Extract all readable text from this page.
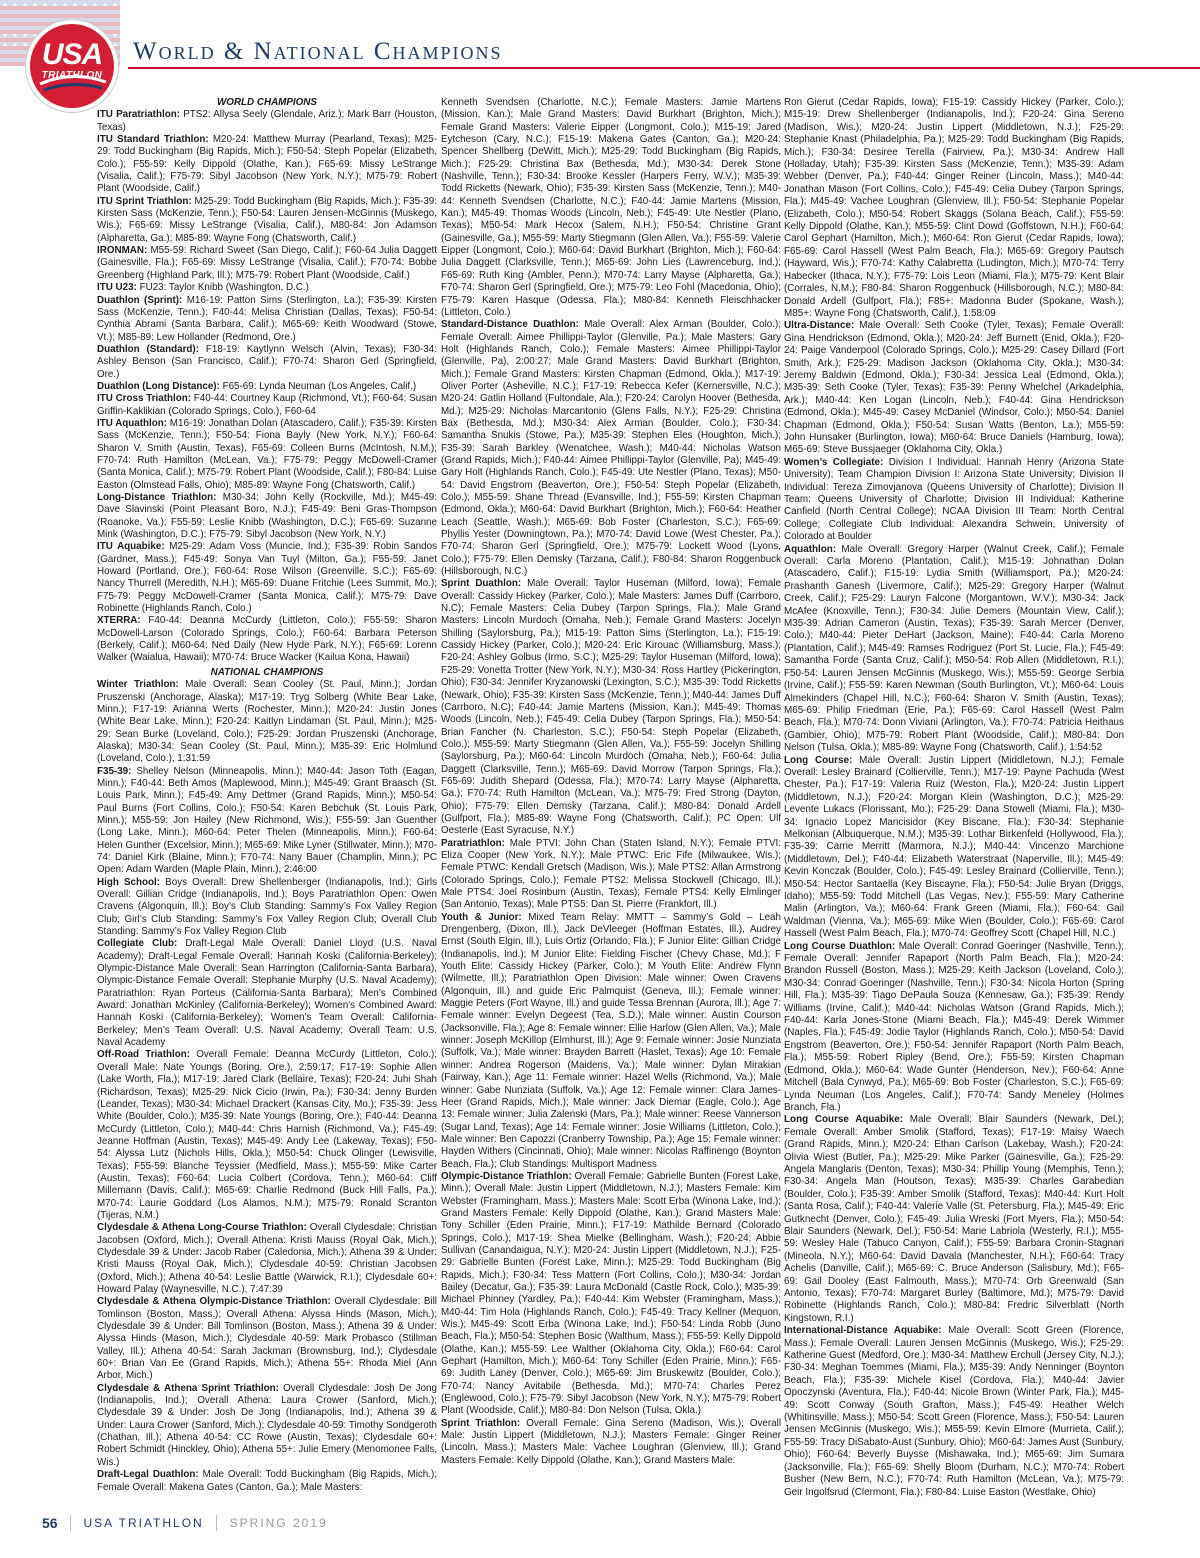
USA
TRIATHLON
World & National Champions

WORLD CHAMPIONS

ITU Paratriathlon: PTS2: Allysa Seely (Glendale, Ariz.); Mark Barr (Houston, Texas)

ITU Standard Triathlon: M20-24: Matthew Murray (Pearland, Texas); M25-29: Todd Buckingham (Big Rapids, Mich.); F50-54: Steph Popelar (Elizabeth, Colo.); F55-59: Kelly Dippold (Olathe, Kan.); F65-69: Missy LeStrange (Visalia, Calif.); F75-79: Sibyl Jacobson (New York, N.Y.); M75-79: Robert Plant (Woodside, Calif.)

ITU Sprint Triathlon: M25-29: Todd Buckingham (Big Rapids, Mich.); F35-39: Kirsten Sass (McKenzie, Tenn.); F50-54: Lauren Jensen-McGinnis (Muskego, Wis.); F65-69: Missy LeStrange (Visalia, Calif.), M80-84: Jon Adamson (Alpharetta, Ga.); M85-89: Wayne Fong (Chatsworth, Calif.)

IRONMAN: M55-59: Richard Sweet (San Diego, Calif.); F60-64 Julia Daggett (Gainesville, Fla.); F65-69: Missy LeStrange (Visalia, Calif.); F70-74: Bobbe Greenberg (Highland Park, Ill.); M75-79: Robert Plant (Woodside, Calif.)

ITU U23: FU23: Taylor Knibb (Washington, D.C.)

Duathlon (Sprint): M16-19: Patton Sims (Sterlington, La.); F35-39: Kirsten Sass (McKenzie, Tenn.); F40-44: Melisa Christian (Dallas, Texas); F50-54: Cynthia Abrami (Santa Barbara, Calif.); M65-69: Keith Woodward (Stowe, Vt.); M85-89: Lew Hollander (Redmond, Ore.)

Duathlon (Standard): F18-19: Kaytlynn Welsch (Alvin, Texas); F30-34: Ashley Benson (San Francisco, Calif.); F70-74: Sharon Gerl (Springfield, Ore.)

Duathlon (Long Distance): F65-69: Lynda Neuman (Los Angeles, Calif.)

ITU Cross Triathlon: F40-44: Courtney Kaup (Richmond, Vt.); F60-64: Susan Griffin-Kaklikian (Colorado Springs, Colo.), F60-64

ITU Aquathlon: M16-19: Jonathan Dolan (Atascadero, Calif.); F35-39: Kirsten Sass (McKenzie, Tenn.); F50-54: Fiona Bayly (New York, N.Y.); F60-64: Sharon V. Smith (Austin, Texas), F65-69: Colleen Burns (McIntosh, N.M.); F70-74: Ruth Hamilton (McLean, Va.); F75-79: Peggy McDowell-Cramer (Santa Monica, Calif.); M75-79: Robert Plant (Woodside, Calif.); F80-84: Luise Easton (Olmstead Falls, Ohio); M85-89: Wayne Fong (Chatsworth, Calif.)

Long-Distance Triathlon: M30-34: John Kelly (Rockville, Md.); M45-49: Dave Slavinski (Point Pleasant Boro, N.J.); F45-49: Beni Gras-Thompson (Roanoke, Va.); F55-59: Leslie Knibb (Washington, D.C.); F65-69: Suzanne Mink (Washington, D.C.); F75-79: Sibyl Jacobson (New York, N.Y.)

ITU Aquabike: M25-29: Adam Voss (Muncie, Ind.); F35-39: Robin Sandos (Gardner, Mass.); F45-49: Sonya Van Tuyl (Milton, Ga.); F55-59: Janet Howard (Portland, Ore.); F60-64: Rose Wilson (Greenville, S.C.); F65-69: Nancy Thurrell (Meredith, N.H.); M65-69: Duane Fritchie (Lees Summit, Mo.); F75-79: Peggy McDowell-Cramer (Santa Monica, Calif.); M75-79: Dave Robinette (Highlands Ranch, Colo.)

XTERRA: F40-44: Deanna McCurdy (Littleton, Colo.); F55-59: Sharon McDowell-Larson (Colorado Springs, Colo.); F60-64: Barbara Peterson (Berkely, Calif.); M60-64: Ned Daily (New Hyde Park, N.Y.); F65-69: Lorenn Walker (Waialua, Hawaii); M70-74: Bruce Wacker (Kailua Kona, Hawaii)

NATIONAL CHAMPIONS

Winter Triathlon: Male Overall: Sean Cooley (St. Paul, Minn.); Jordan Pruszenski (Anchorage, Alaska); M17-19: Tryg Solberg (White Bear Lake, Minn.); F17-19: Arianna Werts (Rochester, Minn.); M20-24: Justin Jones (White Bear Lake, Minn.); F20-24: Kaitlyn Lindaman (St. Paul, Minn.); M25-29: Sean Burke (Loveland, Colo.); F25-29: Jordan Pruszenski (Anchorage, Alaska); M30-34: Sean Cooley (St. Paul, Minn.); M35-39: Eric Holmlund (Loveland, Colo.), 1:31:59

F35-39: Shelley Nelson (Minneapolis, Minn.); M40-44: Jason Toth (Eagan, Minn.); F40-44: Beth Amos (Maplewood, Minn.); M45-49: Grant Braasch (St. Louis Park, Minn.); F45-49: Amy Dettmer (Grand Rapids, Minn.); M50-54: Paul Burns (Fort Collins, Colo.); F50-54: Karen Bebchuk (St. Louis Park, Minn.); M55-59: Jon Hailey (New Richmond, Wis.); F55-59: Jan Guenther (Long Lake, Minn.); M60-64: Peter Thelen (Minneapolis, Minn.); F60-64: Helen Gunther (Excelsior, Minn.); M65-69: Mike Lyner (Stillwater, Minn.); M70-74: Daniel Kirk (Blaine, Minn.); F70-74: Nany Bauer (Champlin, Minn.); PC Open: Adam Warden (Maple Plain, Minn.), 2:46:00

High School: Boys Overall: Drew Shellenberger (Indianapolis, Ind.); Girls Overall: Gillian Cridge (Indianapolis, Ind.); Boys Paratriathlon Open: Owen Cravens (Algonquin, Ill.); Boy’s Club Standing: Sammy’s Fox Valley Region Club; Girl’s Club Standing: Sammy’s Fox Valley Region Club; Overall Club Standing: Sammy’s Fox Valley Region Club

Collegiate Club: Draft-Legal Male Overall: Daniel Lloyd (U.S. Naval Academy); Draft-Legal Female Overall: Hannah Koski (California-Berkeley); Olympic-Distance Male Overall: Sean Harrington (California-Santa Barbara), Olympic-Distance Female Overall: Stephanie Murphy (U.S. Naval Academy); Paratriathlon: Ryan Porteus (California-Santa Barbara); Men’s Combined Award: Jonathan McKinley (California-Berkeley); Women’s Combined Award: Hannah Koski (California-Berkeley); Women’s Team Overall: California-Berkeley; Men’s Team Overall: U.S. Naval Academy; Overall Team: U.S. Naval Academy

Off-Road Triathlon: Overall Female: Deanna McCurdy (Littleton, Colo.); Overall Male: Nate Youngs (Boring, Ore.), 2:59:17; F17-19: Sophie Allen (Lake Worth, Fla.); M17-19: Jared Clark (Bellaire, Texas); F20-24: Juhi Shah (Richardson, Texas); M25-29: Nick Cicio (Irwin, Pa.); F30-34: Jenny Burden (Leander, Texas); M30-34: Michael Drackert (Kansas City, Mo.); F35-39: Jess White (Boulder, Colo.); M35-39: Nate Youngs (Boring, Ore.); F40-44: Deanna McCurdy (Littleton, Colo.); M40-44: Chris Harnish (Richmond, Va.); F45-49: Jeanne Hoffman (Austin, Texas); M45-49: Andy Lee (Lakeway, Texas); F50-54: Alyssa Lutz (Nichols Hills, Okla.); M50-54: Chuck Olinger (Lewisville, Texas); F55-59: Blanche Teyssier (Medfield, Mass.); M55-59: Mike Carter (Austin, Texas); F60-64: Lucia Colbert (Cordova, Tenn.); M60-64: Cliff Millemann (Davis, Calif.); M65-69: Charlie Redmond (Buck Hill Falls, Pa.); M70-74: Laurie Goddard (Los Alamos, N.M.); M75-79: Ronald Scranton (Tijeras, N.M.)

Clydesdale & Athena Long-Course Triathlon: Overall Clydesdale: Christian Jacobsen (Oxford, Mich.); Overall Athena: Kristi Mauss (Royal Oak, Mich.); Clydesdale 39 & Under: Jacob Raber (Caledonia, Mich.); Athena 39 & Under: Kristi Mauss (Royal Oak, Mich.); Clydesdale 40-59: Christian Jacobsen (Oxford, Mich.); Athena 40-54: Leslie Battle (Warwick, R.I.); Clydesdale 60+: Howard Palay (Waynesville, N.C.), 7:47:39

Clydesdale & Athena Olympic-Distance Triathlon: Overall Clydesdale: Bill Tomlinson (Boston, Mass.); Overall Athena: Alyssa Hinds (Mason, Mich.); Clydesdale 39 & Under: Bill Tomlinson (Boston, Mass.); Athena 39 & Under: Alyssa Hinds (Mason, Mich.); Clydesdale 40-59: Mark Probasco (Stillman Valley, Ill.); Athena 40-54: Sarah Jackman (Brownsburg, Ind.); Clydesdale 60+: Brian Van Ee (Grand Rapids, Mich.); Athena 55+: Rhoda Miel (Ann Arbor, Mich.)

Clydesdale & Athena Sprint Triathlon: Overall Clydesdale: Josh De Jong (Indianapolis, Ind.); Overall Athena: Laura Crower (Sanford, Mich.); Clydesdale 39 & Under: Josh De Jong (Indianapolis, Ind.); Athena 39 & Under: Laura Crower (Sanford, Mich.); Clydesdale 40-59: Timothy Sondgeroth (Chathan, Ill.); Athena 40-54: CC Rowe (Austin, Texas); Clydesdale 60+: Robert Schmidt (Hinckley, Ohio); Athena 55+: Julie Emery (Menomonee Falls, Wis.)

Draft-Legal Duathlon: Male Overall: Todd Buckingham (Big Rapids, Mich.); Female Overall: Makena Gates (Canton, Ga.); Male Masters:

Kenneth Svendsen (Charlotte, N.C.); Female Masters: Jamie Martens (Mission, Kan.); Male Grand Masters: David Burkhart (Brighton, Mich.); Female Grand Masters: Valerie Eipper (Longmont, Colo.); M15-19: Jared Eytcheson (Cary, N.C.); F15-19: Makena Gates (Canton, Ga.); M20-24: Spencer Shellberg (DeWitt, Mich.); M25-29: Todd Buckingham (Big Rapids, Mich.); F25-29: Christina Bax (Bethesda, Md.); M30-34: Derek Stone (Nashville, Tenn.); F30-34: Brooke Kessler (Harpers Ferry, W.V.); M35-39: Todd Ricketts (Newark, Ohio); F35-39: Kirsten Sass (McKenzie, Tenn.); M40-44: Kenneth Svendsen (Charlotte, N.C.); F40-44: Jamie Martens (Mission, Kan.); M45-49: Thomas Woods (Lincoln, Neb.); F45-49: Ute Nestler (Plano, Texas); M50-54: Mark Hecox (Salem, N.H.); F50-54: Christine Grant (Gainesville, Ga.); M55-59: Marty Stiegmann (Glen Allen, Va.); F55-59: Valerie Eipper (Longmont, Colo.); M60-64: David Burkhart (Brighton, Mich.); F60-64: Julia Daggett (Clarksville, Tenn.); M65-69: John Lies (Lawrenceburg, Ind.); F65-69: Ruth King (Ambler, Penn.); M70-74: Larry Mayse (Alpharetta, Ga.); F70-74: Sharon Gerl (Springfield, Ore.); M75-79: Leo Fohl (Macedonia, Ohio); F75-79: Karen Hasque (Odessa, Fla.); M80-84: Kenneth Fleischhacker (Littleton, Colo.)

Standard-Distance Duathlon: Male Overall: Alex Arman (Boulder, Colo.); Female Overall: Aimee Phillippi-Taylor (Glenville, Pa.); Male Masters: Gary Holt (Highlands Ranch, Colo.); Female Masters: Aimee Phillippi-Taylor (Glenville, Pa), 2:00:27; Male Grand Masters: David Burkhart (Brighton, Mich.); Female Grand Masters: Kirsten Chapman (Edmond, Okla.); M17-19: Oliver Porter (Asheville, N.C.); F17-19: Rebecca Kefer (Kernersville, N.C.); M20-24: Gatlin Holland (Fultondale, Ala.); F20-24: Carolyn Hoover (Bethesda, Md.); M25-29: Nicholas Marcantonio (Glens Falls, N.Y.); F25-29: Christina Bax (Bethesda, Md.); M30-34: Alex Arman (Boulder, Colo.); F30-34: Samantha Snukis (Stowe, Pa.); M35-39: Stephen Eles (Houghton, Mich.); F35-39: Sarah Barkley (Wenatchee, Wash.); M40-44: Nicholas Watson (Grand Rapids, Mich.); F40-44: Aimee Phillippi-Taylor (Glenville, Pa); M45-49: Gary Holt (Highlands Ranch, Colo.); F45-49: Ute Nestler (Plano, Texas); M50-54: David Engstrom (Beaverton, Ore.); F50-54: Steph Popelar (Elizabeth, Colo.); M55-59: Shane Thread (Evansville, Ind.); F55-59: Kirsten Chapman (Edmond, Okla.); M60-64: David Burkhart (Brighton, Mich.); F60-64: Heather Leach (Seattle, Wash.); M65-69: Bob Foster (Charleston, S.C.); F65-69: Phyllis Yester (Downingtown, Pa.); M70-74: David Lowe (West Chester, Pa.); F70-74: Sharon Gerl (Springfield, Ore.); M75-79: Lockett Wood (Lyons, Colo.); F75-79: Ellen Demsky (Tarzana, Calif.); F80-84: Sharon Roggenbuck (Hillsborough, N.C.)

Sprint Duathlon: Male Overall: Taylor Huseman (Milford, Iowa); Female Overall: Cassidy Hickey (Parker, Colo.); Male Masters: James Duff (Carrboro, N.C); Female Masters: Celia Dubey (Tarpon Springs, Fla.); Male Grand Masters: Lincoln Murdoch (Omaha, Neb.); Female Grand Masters: Jocelyn Shilling (Saylorsburg, Pa.); M15-19: Patton Sims (Sterlington, La.); F15-19: Cassidy Hickey (Parker, Colo.); M20-24: Eric Kirouac (Williamsburg, Mass.); F20-24: Ashley Golbus (Irmo, S.C.); M25-29: Taylor Huseman (Milford, Iowa); F25-29: Vonetta Trotter (New York, N.Y.); M30-34: Ross Hartley (Pickerington, Ohio); F30-34: Jennifer Kryzanowski (Lexington, S.C.); M35-39: Todd Ricketts (Newark, Ohio); F35-39: Kirsten Sass (McKenzie, Tenn.); M40-44: James Duff (Carrboro, N.C); F40-44: Jamie Martens (Mission, Kan.); M45-49: Thomas Woods (Lincoln, Neb.); F45-49: Celia Dubey (Tarpon Springs, Fla.); M50-54: Brian Fancher (N. Charleston, S.C.); F50-54: Steph Popelar (Elizabeth, Colo.); M55-59: Marty Stiegmann (Glen Allen, Va.); F55-59: Jocelyn Shilling (Saylorsburg, Pa.); M60-64: Lincoln Murdoch (Omaha, Neb.); F60-64: Julia Daggett (Clarksville, Tenn.); M65-69: David Morrow (Tarpon Springs, Fla.); F65-69: Judith Shepard (Odessa, Fla.); M70-74: Larry Mayse (Alpharetta, Ga.); F70-74: Ruth Hamilton (McLean, Va.); M75-79: Fred Strong (Dayton, Ohio); F75-79: Ellen Demsky (Tarzana, Calif.); M80-84: Donald Ardell (Gulfport, Fla.); M85-89: Wayne Fong (Chatsworth, Calif.); PC Open: Ulf Oesterle (East Syracuse, N.Y.)

Paratriathlon: Male PTVI: John Chan (Staten Island, N.Y.); Female PTVI: Eliza Cooper (New York, N.Y.); Male PTWC: Eric Fife (Milwaukee, Wis.); Female PTWC: Kendall Gretsch (Madison, Wis.); Male PTS2: Allan Armstrong (Colorado Springs, Colo.); Female PTS2: Melissa Stockwell (Chicago, Ill.); Male PTS4: Joel Rosinbum (Austin, Texas); Female PTS4: Kelly Elmlinger (San Antonio, Texas); Male PTS5: Dan St. Pierre (Frankfort, Ill.)

Youth & Junior: Mixed Team Relay: MMTT – Sammy’s Gold – Leah Drengenberg, (Dixon, Ill.), Jack DeVleeger (Hoffman Estates, Ill.), Audrey Ernst (South Elgin, Ill.), Luis Ortiz (Orlando, Fla.); F Junior Elite: Gillian Cridge (Indianapolis, Ind.); M Junior Elite: Fielding Fischer (Chevy Chase, Md.); F Youth Elite: Cassidy Hickey (Parker, Colo.); M Youth Elite: Andrew Flynn (Wilmette, Ill.); Paratriathlon Open Division: Male winner: Owen Cravens (Algonquin, Ill.) and guide Eric Palmquist (Geneva, Ill.); Female winner: Maggie Peters (Fort Wayne, Ill.) and guide Tessa Brennan (Aurora, Ill.); Age 7: Female winner: Evelyn Degeest (Tea, S.D.); Male winner: Austin Courson (Jacksonville, Fla.); Age 8: Female winner: Ellie Harlow (Glen Allen, Va.); Male winner: Joseph McKillop (Elmhurst, Ill.); Age 9: Female winner: Josie Nunziata (Suffolk, Va.); Male winner: Brayden Barrett (Haslet, Texas); Age 10: Female winner: Andrea Rogerson (Maidens, Va.); Male winner: Dylan Mirakian (Fairway, Kan.); Age 11: Female winner: Hazel Wells (Richmond, Va.); Male winner: Gabe Nunziata (Suffolk, Va.); Age 12: Female winner: Clara James-Heer (Grand Rapids, Mich.); Male winner: Jack Diemar (Eagle, Colo.); Age 13: Female winner: Julia Zalenski (Mars, Pa.); Male winner: Reese Vannerson (Sugar Land, Texas); Age 14: Female winner: Josie Williams (Littleton, Colo.); Male winner: Ben Capozzi (Cranberry Township, Pa.); Age 15: Female winner: Hayden Withers (Cincinnati, Ohio); Male winner: Nicolas Raffinengo (Boynton Beach, Fla.); Club Standings: Multisport Madness

Olympic-Distance Triathlon: Overall Female: Gabrielle Bunten (Forest Lake, Minn.); Overall Male: Justin Lippert (Middletown, N.J.); Masters Female: Kim Webster (Framingham, Mass.); Masters Male: Scott Erba (Winona Lake, Ind.); Grand Masters Female: Kelly Dippold (Olathe, Kan.); Grand Masters Male: Tony Schiller (Eden Prairie, Minn.); F17-19: Mathilde Bernard (Colorado Springs, Colo.); M17-19: Shea Mielke (Bellingham, Wash.); F20-24: Abbie Sullivan (Canandaigua, N.Y.); M20-24: Justin Lippert (Middletown, N.J.); F25-29: Gabrielle Bunten (Forest Lake, Minn.); M25-29: Todd Buckingham (Big Rapids, Mich.); F30-34: Tess Mattern (Fort Collins, Colo.); M30-34: Jordan Bailey (Decatur, Ga.); F35-39: Laura McDonald (Castle Rock, Colo.); M35-39: Michael Phinney (Yardley, Pa.); F40-44: Kim Webster (Framingham, Mass.); M40-44: Tim Hola (Highlands Ranch, Colo.); F45-49: Tracy Kellner (Mequon, Wis.); M45-49: Scott Erba (Winona Lake, Ind.); F50-54: Linda Robb (Juno Beach, Fla.); M50-54: Stephen Bosic (Walthum, Mass.); F55-59: Kelly Dippold (Olathe, Kan.); M55-59: Lee Walther (Oklahoma City, Okla.); F60-64: Carol Gephart (Hamilton, Mich.); M60-64: Tony Schiller (Eden Prairie, Minn.); F65-69: Judith Laney (Denver, Colo.); M65-69: Jim Bruskewitz (Boulder, Colo.); F70-74: Nancy Avitabile (Bethesda, Md.); M70-74: Charles Perez (Englewood, Colo.); F75-79: Sibyl Jacobson (New York, N.Y.); M75-79: Robert Plant (Woodside, Calif.); M80-84: Don Nelson (Tulsa, Okla.)

Sprint Triathlon: Overall Female: Gina Sereno (Madison, Wis.); Overall Male: Justin Lippert (Middletown, N.J.); Masters Female: Ginger Reiner (Lincoln, Mass.); Masters Male: Vachee Loughran (Glenview, Ill.); Grand Masters Female: Kelly Dippold (Olathe, Kan.); Grand Masters Male:

Ron Gierut (Cedar Rapids, Iowa); F15-19: Cassidy Hickey (Parker, Colo.); M15-19: Drew Shellenberger (Indianapolis, Ind.); F20-24: Gina Sereno (Madison, Wis.); M20-24: Justin Lippert (Middletown, N.J.); F25-29: Stephanie Knast (Philadelphia, Pa.); M25-29: Todd Buckingham (Big Rapids, Mich.); F30-34: Desiree Terella (Fairview, Pa.); M30-34: Andrew Hall (Holladay, Utah); F35-39: Kirsten Sass (McKenzie, Tenn.); M35-39: Adam Webber (Denver, Pa.); F40-44: Ginger Reiner (Lincoln, Mass.); M40-44: Jonathan Mason (Fort Collins, Colo.); F45-49: Celia Dubey (Tarpon Springs, Fla.); M45-49: Vachee Loughran (Glenview, Ill.); F50-54: Stephanie Popelar (Elizabeth, Colo.); M50-54: Robert Skaggs (Solana Beach, Calif.); F55-59: Kelly Dippold (Olathe, Kan.); M55-59: Clint Dowd (Goffstown, N.H.); F60-64: Carol Gephart (Hamilton, Mich.); M60-64: Ron Gierut (Cedar Rapids, Iowa); F65-69: Carol Hassell (West Palm Beach, Fla.); M65-69: Gregory Pautsch (Hayward, Wis.); F70-74: Kathy Calabretta (Ludington, Mich.); M70-74: Terry Habecker (Ithaca, N.Y.); F75-79: Lois Leon (Miami, Fla.); M75-79: Kent Blair (Corrales, N.M.); F80-84: Sharon Roggenbuck (Hillsborough, N.C.); M80-84: Donald Ardell (Gulfport, Fla.); F85+: Madonna Buder (Spokane, Wash.); M85+: Wayne Fong (Chatsworth, Calif.), 1:58:09

Ultra-Distance: Male Overall: Seth Cooke (Tyler, Texas); Female Overall: Gina Hendrickson (Edmond, Okla.); M20-24: Jeff Burnett (Enid, Okla.); F20-24: Paige Vanderpool (Colorado Springs, Colo.); M25-29: Casey Dillard (Fort Smith, Ark.); F25-29: Madison Jackson (Oklahoma City, Okla.); M30-34: Jeremy Baldwin (Edmond, Okla.); F30-34: Jessica Leal (Edmond, Okla.); M35-39: Seth Cooke (Tyler, Texas); F35-39: Penny Whelchel (Arkadelphia, Ark.); M40-44: Ken Logan (Lincoln, Neb.); F40-44: Gina Hendrickson (Edmond, Okla.); M45-49: Casey McDaniel (Windsor, Colo.); M50-54: Daniel Chapman (Edmond, Okla.); F50-54: Susan Watts (Benton, La.); M55-59: John Hunsaker (Burlington, Iowa); M60-64: Bruce Daniels (Hamburg, Iowa); M65-69: Steve Bussjaeger (Oklahoma City, Okla.)

Women’s Collegiate: Division I Individual: Hannah Henry (Arizona State University); Team Champion Division I: Arizona State University; Division II Individual: Tereza Zimovjanova (Queens University of Charlotte); Division II Team: Queens University of Charlotte; Division III Individual: Katherine Canfield (North Central College); NCAA Division III Team: North Central College; Collegiate Club Individual: Alexandra Schwein, University of Colorado at Boulder

Aquathlon: Male Overall: Gregory Harper (Walnut Creek, Calif.); Female Overall: Carla Moreno (Plantation, Calif.); M15-19: Johnathan Dolan (Atascadero, Calif.); F15-19: Lydia Smith (Williamsport, Pa.); M20-24: Prashanth Ganesh (Livermore, Calif.); M25-29: Gregory Harper (Walnut Creek, Calif.); F25-29: Lauryn Falcone (Morgantown, W.V.); M30-34: Jack McAfee (Knoxville, Tenn.); F30-34: Julie Demers (Mountain View, Calif.); M35-39: Adrian Cameron (Austin, Texas); F35-39: Sarah Mercer (Denver, Colo.); M40-44: Pieter DeHart (Jackson, Maine); F40-44: Carla Moreno (Plantation, Calif.); M45-49: Ramses Rodriguez (Port St. Lucie, Fla.); F45-49: Samantha Forde (Santa Cruz, Calif.); M50-54: Rob Allen (Middletown, R.I.); F50-54: Lauren Jensen McGinnis (Muskego, Wis.); M55-59: George Serbia (Irvine, Calif.); F55-59: Karen Newman (South Burlington, Vt.); M60-64: Louis Almekinders (Chapel Hill, N.C.); F60-64: Sharon V. Smith (Austin, Texas); M65-69: Philip Friedman (Erie, Pa.); F65-69: Carol Hassell (West Palm Beach, Fla.); M70-74: Donn Viviani (Arlington, Va.); F70-74: Patricia Heithaus (Gambier, Ohio); M75-79: Robert Plant (Woodside, Calif.); M80-84: Don Nelson (Tulsa, Okla.); M85-89: Wayne Fong (Chatsworth, Calif.), 1:54:52

Long Course: Male Overall: Justin Lippert (Middletown, N.J.); Female Overall: Lesley Brainard (Collierville, Tenn.); M17-19: Payne Pachuda (West Chester, Pa.); F17-19: Valeria Ruiz (Weston, Fla.); M20-24: Justin Lippert (Middletown, N.J.); F20-24: Morgan Klein (Washington, D.C.); M25-29: Levente Lukacs (Florissant, Mo.); F25-29: Dana Stowell (Miami, Fla.); M30-34: Ignacio Lopez Mancisidor (Key Biscane, Fla.); F30-34: Stephanie Melkonian (Albuquerque, N.M.); M35-39: Lothar Birkenfeld (Hollywood, Fla.); F35-39: Carrie Merritt (Marmora, N.J.); M40-44: Vincenzo Marchione (Middletown, Del.); F40-44: Elizabeth Waterstraat (Naperville, Ill.); M45-49: Kevin Konczak (Boulder, Colo.); F45-49: Lesley Brainard (Collierville, Tenn.); M50-54: Hector Santaella (Key Biscayne, Fla.); F50-54: Julie Bryan (Driggs, Idaho); M55-59: Todd Mitchell (Las Vegas, Nev.); F55-59: Mary Catherine Malin (Arlington, Va.); M60-64: Frank Green (Miami, Fla.); F60-64: Gail Waldman (Vienna, Va.); M65-69: Mike Wien (Boulder, Colo.); F65-69: Carol Hassell (West Palm Beach, Fla.); M70-74: Geoffrey Scott (Chapel Hill, N.C.)

Long Course Duathlon: Male Overall: Conrad Goeringer (Nashville, Tenn.); Female Overall: Jennifer Rapaport (North Palm Beach, Fla.); M20-24: Brandon Russell (Boston, Mass.); M25-29: Keith Jackson (Loveland, Colo.); M30-34: Conrad Goeringer (Nashville, Tenn.); F30-34: Nicola Horton (Spring Hill, Fla.); M35-39: Tiago DePaula Souza (Kennesaw, Ga.); F35-39: Rendy Williams (Irvine, Calif.); M40-44: Nicholas Watson (Grand Rapids, Mich.); F40-44: Karla Jones-Stone (Miami Beach, Fla.); M45-49: Derek Wimmer (Naples, Fla.); F45-49: Jodie Taylor (Highlands Ranch, Colo.); M50-54: David Engstrom (Beaverton, Ore.); F50-54: Jennifer Rapaport (North Palm Beach, Fla.); M55-59: Robert Ripley (Bend, Ore.); F55-59: Kirsten Chapman (Edmond, Okla.); M60-64: Wade Gunter (Henderson, Nev.); F60-64: Anne Mitchell (Bala Cynwyd, Pa.); M65-69: Bob Foster (Charleston, S.C.); F65-69: Lynda Neuman (Los Angeles, Calif.); F70-74: Sandy Meneley (Holmes Branch, Fla.)

Long Course Aquabike: Male Overall: Blair Saunders (Newark, Del.); Female Overall: Amber Smolik (Stafford, Texas); F17-19: Maisy Waech (Grand Rapids, Minn.); M20-24: Ethan Carlson (Lakebay, Wash.); F20-24: Olivia Wiest (Butler, Pa.); M25-29: Mike Parker (Gainesville, Ga.); F25-29: Angela Manglaris (Denton, Texas); M30-34: Phillip Young (Memphis, Tenn.); F30-34: Angela Man (Houtson, Texas); M35-39: Charles Garabedian (Boulder, Colo.); F35-39: Amber Smolik (Stafford, Texas); M40-44: Kurt Holt (Santa Rosa, Calif.); F40-44: Valerie Valle (St. Petersburg, Fla.); M45-49: Eric Gutknecht (Denver, Colo.); F45-49: Julia Wreski (Fort Myers, Fla.); M50-54: Blair Saunders (Newark, Del.); F50-54: Marie Labriola (Westerly, R.I.); M55-59: Wesley Hale (Tabuco Canyon, Calif.); F55-59: Barbara Cronin-Stagnari (Mineola, N.Y.); M60-64: David Davala (Manchester, N.H.); F60-64: Tracy Achelis (Danville, Calif.); M65-69: C. Bruce Anderson (Salisbury, Md.); F65-69: Gail Dooley (East Falmouth, Mass.); M70-74: Orb Greenwald (San Antonio, Texas); F70-74: Margaret Burley (Baltimore, Md.); M75-79: David Robinette (Highlands Ranch, Colo.); M80-84: Fredric Silverblatt (North Kingstown, R.I.)

International-Distance Aquabike: Male Overall: Scott Green (Florence, Mass.); Female Overall: Lauren Jensen McGinnis (Muskego, Wis.); F25-29: Katherine Guest (Medford, Ore.); M30-34: Matthew Erchull (Jersey City, N.J.); F30-34: Meghan Toemmes (Miami, Fla.); M35-39: Andy Nenninger (Boynton Beach, Fla.); F35-39: Michele Kisel (Cordova, Fla.); M40-44: Javier Opoczynski (Aventura, Fla.); F40-44: Nicole Brown (Winter Park, Fla.); M45-49: Scott Conway (South Grafton, Mass.); F45-49: Heather Welch (Whitinsville, Mass.); M50-54: Scott Green (Florence, Mass.); F50-54: Lauren Jensen McGinnis (Muskego, Wis.); M55-59: Kevin Elmore (Murrieta, Calif.); F55-59: Tracy DiSabato-Aust (Sunbury, Ohio); M60-64: James Aust (Sunbury, Ohio); F60-64: Beverly Buysse (Mishawaka, Ind.); M65-69: Jim Sumara (Jacksonville, Fla.); F65-69: Shelly Bloom (Durham, N.C.); M70-74: Robert Busher (New Bern, N.C.); F70-74: Ruth Hamilton (McLean, Va.); M75-79: Geir Ingolfsrud (Clermont, Fla.); F80-84: Luise Easton (Westlake, Ohio)

56 USA TRIATHLON SPRING 2019
